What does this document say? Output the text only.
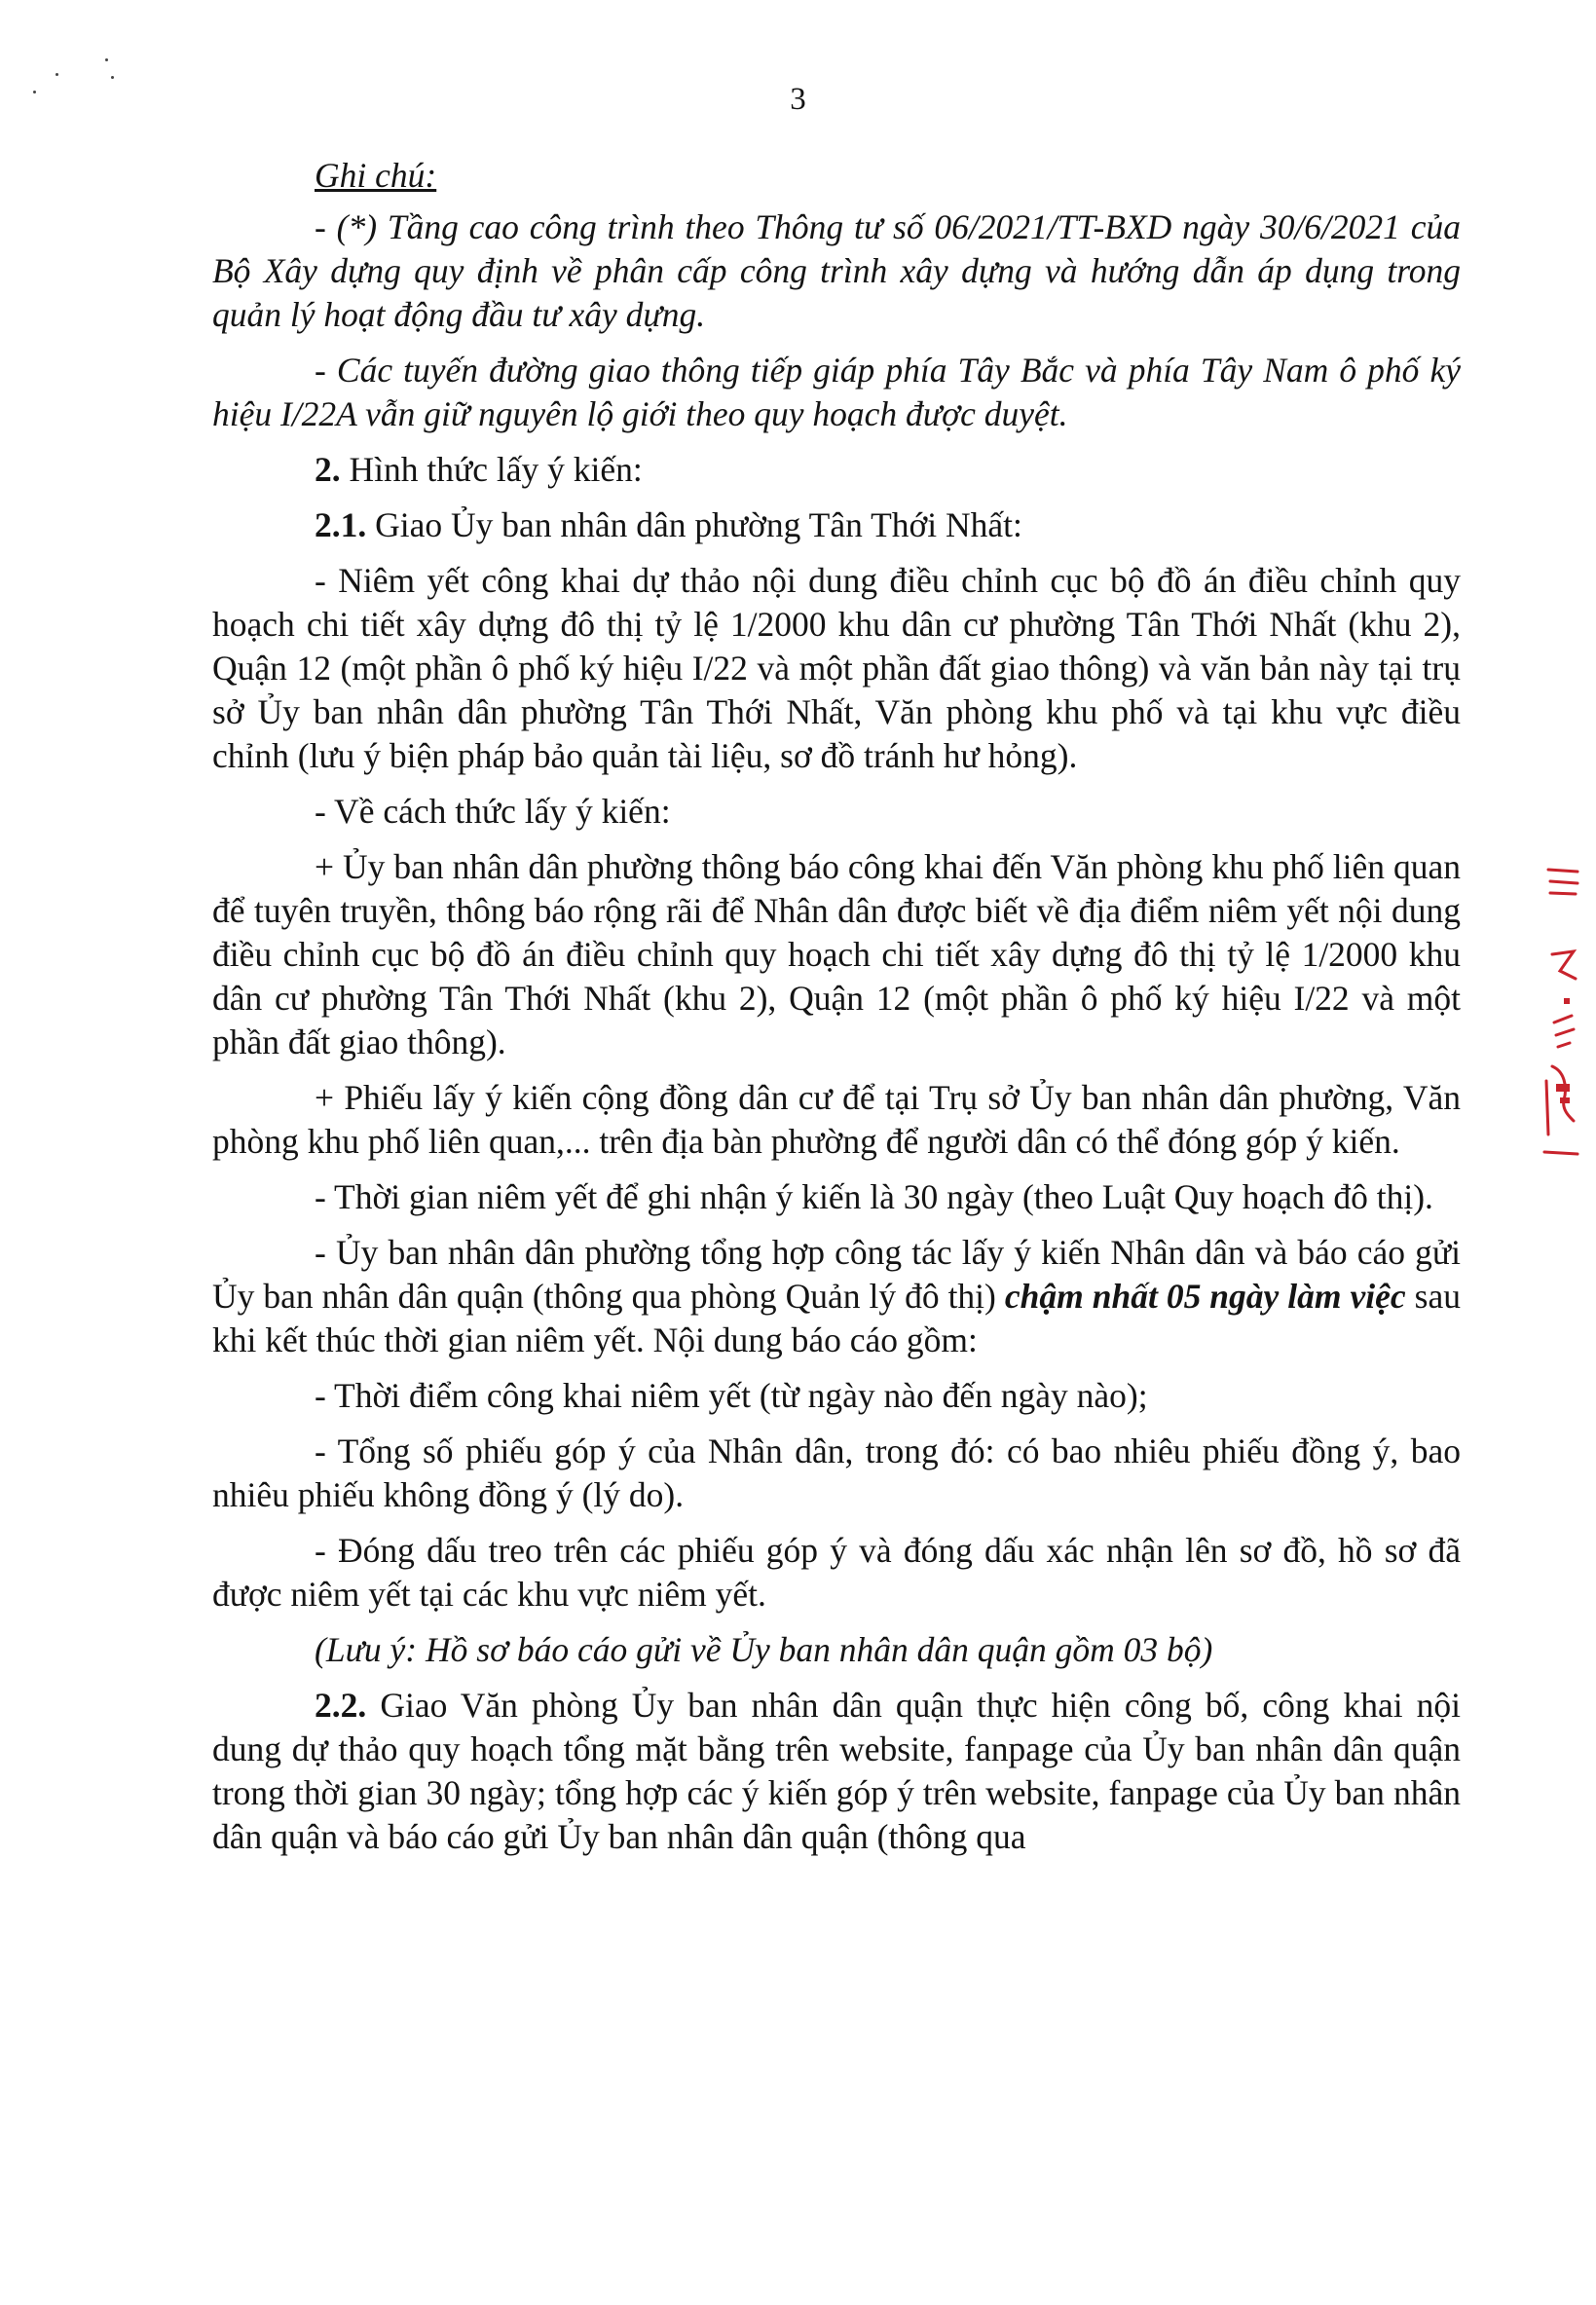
3

Ghi chú:

- (*) Tầng cao công trình theo Thông tư số 06/2021/TT-BXD ngày 30/6/2021 của Bộ Xây dựng quy định về phân cấp công trình xây dựng và hướng dẫn áp dụng trong quản lý hoạt động đầu tư xây dựng.

- Các tuyến đường giao thông tiếp giáp phía Tây Bắc và phía Tây Nam ô phố ký hiệu I/22A vẫn giữ nguyên lộ giới theo quy hoạch được duyệt.

2. Hình thức lấy ý kiến:

2.1. Giao Ủy ban nhân dân phường Tân Thới Nhất:

- Niêm yết công khai dự thảo nội dung điều chỉnh cục bộ đồ án điều chỉnh quy hoạch chi tiết xây dựng đô thị tỷ lệ 1/2000 khu dân cư phường Tân Thới Nhất (khu 2), Quận 12 (một phần ô phố ký hiệu I/22 và một phần đất giao thông) và văn bản này tại trụ sở Ủy ban nhân dân phường Tân Thới Nhất, Văn phòng khu phố và tại khu vực điều chỉnh (lưu ý biện pháp bảo quản tài liệu, sơ đồ tránh hư hỏng).

- Về cách thức lấy ý kiến:

+ Ủy ban nhân dân phường thông báo công khai đến Văn phòng khu phố liên quan để tuyên truyền, thông báo rộng rãi để Nhân dân được biết về địa điểm niêm yết nội dung điều chỉnh cục bộ đồ án điều chỉnh quy hoạch chi tiết xây dựng đô thị tỷ lệ 1/2000 khu dân cư phường Tân Thới Nhất (khu 2), Quận 12 (một phần ô phố ký hiệu I/22 và một phần đất giao thông).

+ Phiếu lấy ý kiến cộng đồng dân cư để tại Trụ sở Ủy ban nhân dân phường, Văn phòng khu phố liên quan,... trên địa bàn phường để người dân có thể đóng góp ý kiến.

- Thời gian niêm yết để ghi nhận ý kiến là 30 ngày (theo Luật Quy hoạch đô thị).

- Ủy ban nhân dân phường tổng hợp công tác lấy ý kiến Nhân dân và báo cáo gửi Ủy ban nhân dân quận (thông qua phòng Quản lý đô thị) chậm nhất 05 ngày làm việc sau khi kết thúc thời gian niêm yết. Nội dung báo cáo gồm:

- Thời điểm công khai niêm yết (từ ngày nào đến ngày nào);

- Tổng số phiếu góp ý của Nhân dân, trong đó: có bao nhiêu phiếu đồng ý, bao nhiêu phiếu không đồng ý (lý do).

- Đóng dấu treo trên các phiếu góp ý và đóng dấu xác nhận lên sơ đồ, hồ sơ đã được niêm yết tại các khu vực niêm yết.

(Lưu ý: Hồ sơ báo cáo gửi về Ủy ban nhân dân quận gồm 03 bộ)

2.2. Giao Văn phòng Ủy ban nhân dân quận thực hiện công bố, công khai nội dung dự thảo quy hoạch tổng mặt bằng trên website, fanpage của Ủy ban nhân dân quận trong thời gian 30 ngày; tổng hợp các ý kiến góp ý trên website, fanpage của Ủy ban nhân dân quận và báo cáo gửi Ủy ban nhân dân quận (thông qua
